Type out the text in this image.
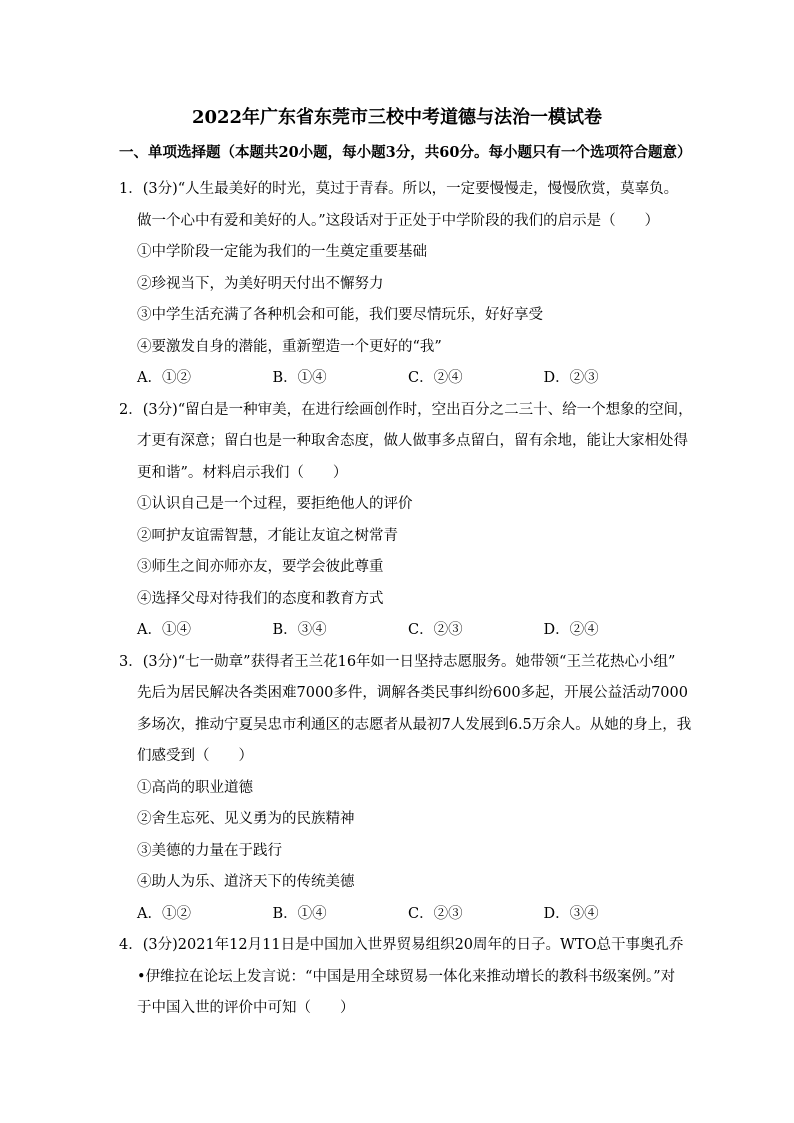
2022年广东省东莞市三校中考道德与法治一模试卷
一、单项选择题（本题共20小题，每小题3分，共60分。每小题只有一个选项符合题意）
1．(3分)“人生最美好的时光，莫过于青春。所以，一定要慢慢走，慢慢欣赏，莫辜负。
做一个心中有爱和美好的人。”这段话对于正处于中学阶段的我们的启示是（　　）
①中学阶段一定能为我们的一生奠定重要基础
②珍视当下，为美好明天付出不懈努力
③中学生活充满了各种机会和可能，我们要尽情玩乐，好好享受
④要激发自身的潜能，重新塑造一个更好的“我”
A．①②	B．①④	C．②④	D．②③
2．(3分)“留白是一种审美，在进行绘画创作时，空出百分之二三十、给一个想象的空间，
才更有深意；留白也是一种取舍态度，做人做事多点留白，留有余地，能让大家相处得
更和谐”。材料启示我们（　　）
①认识自己是一个过程，要拒绝他人的评价
②呵护友谊需智慧，才能让友谊之树常青
③师生之间亦师亦友，要学会彼此尊重
④选择父母对待我们的态度和教育方式
A．①④	B．③④	C．②③	D．②④
3．(3分)“七一勋章”获得者王兰花16年如一日坚持志愿服务。她带领“王兰花热心小组”
先后为居民解决各类困难7000多件，调解各类民事纠纷600多起，开展公益活动7000
多场次，推动宁夏吴忠市利通区的志愿者从最初7人发展到6.5万余人。从她的身上，我
们感受到（　　）
①高尚的职业道德
②舍生忘死、见义勇为的民族精神
③美德的力量在于践行
④助人为乐、道济天下的传统美德
A．①②	B．①④	C．②③	D．③④
4．(3分)2021年12月11日是中国加入世界贸易组织20周年的日子。WTO总干事奥孔乔
•伊维拉在论坛上发言说：“中国是用全球贸易一体化来推动增长的教科书级案例。”对
于中国入世的评价中可知（　　）
